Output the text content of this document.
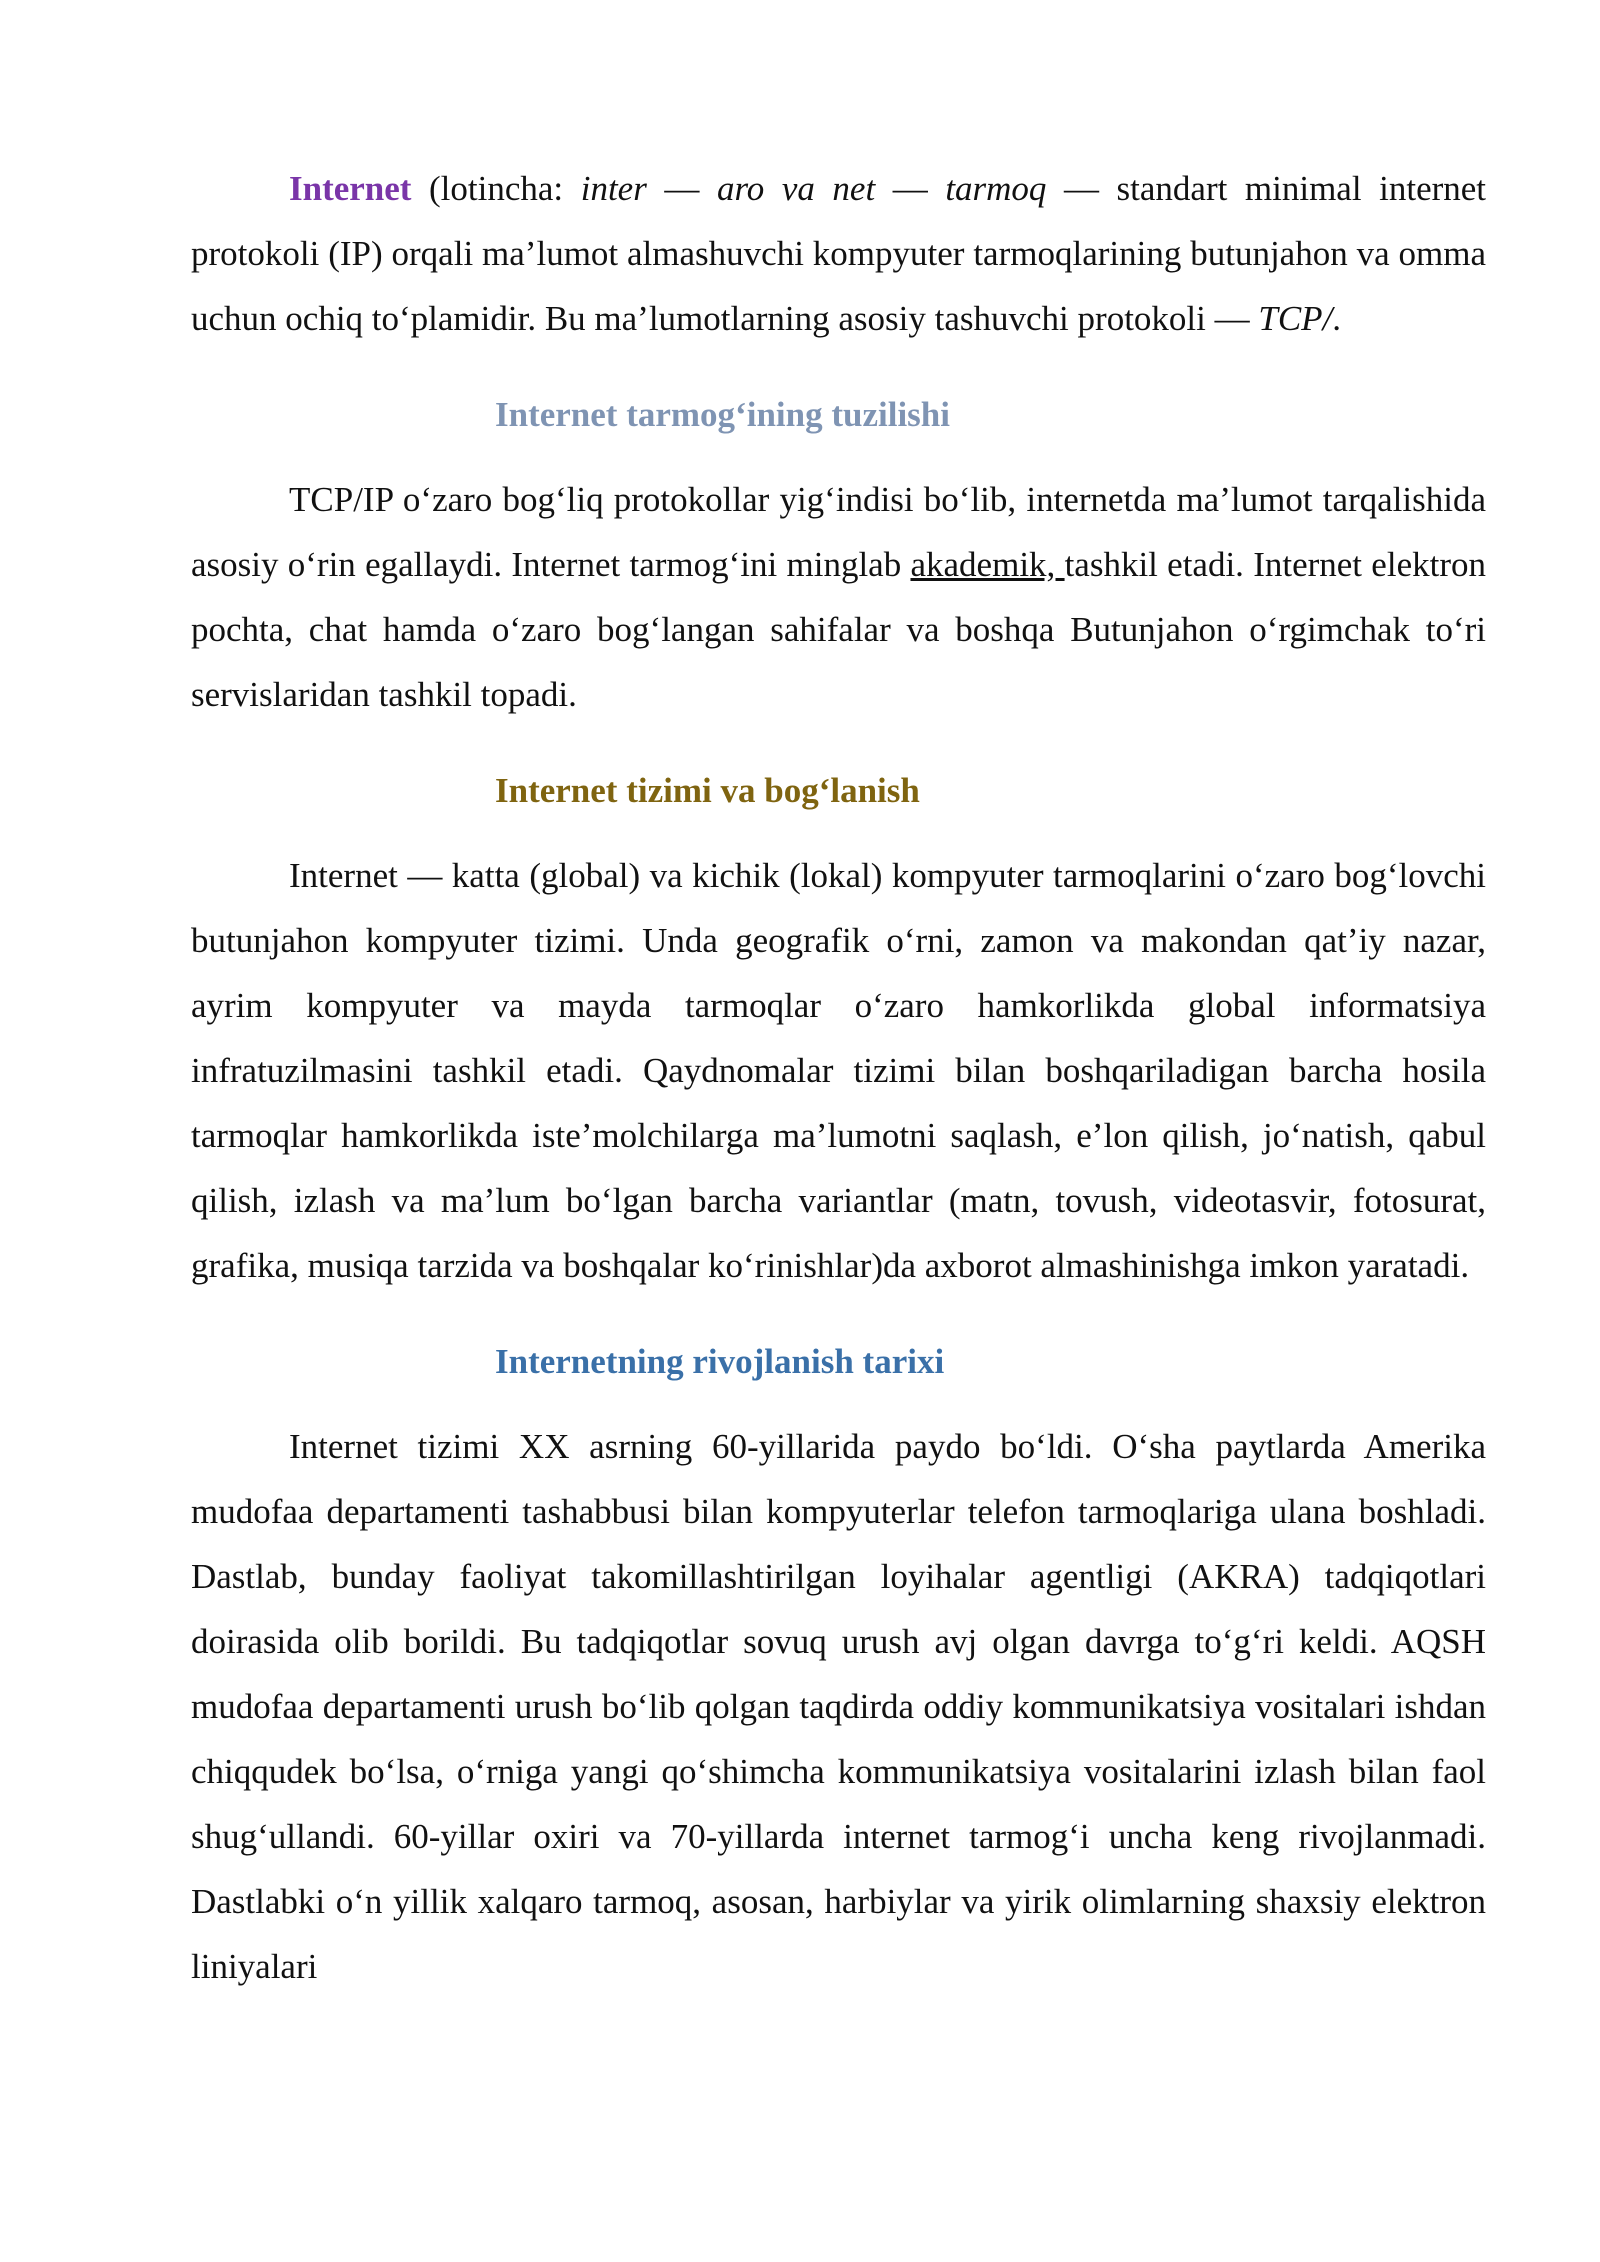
Internet (lotincha: inter — aro va net — tarmoq — standart minimal internet protokoli (IP) orqali ma’lumot almashuvchi kompyuter tarmoqlarining butunjahon va omma uchun ochiq to‘plamidir. Bu ma’lumotlarning asosiy tashuvchi protokoli — TCP/.

Internet tarmog‘ining tuzilishi

TCP/IP o‘zaro bog‘liq protokollar yig‘indisi bo‘lib, internetda ma’lumot tarqalishida asosiy o‘rin egallaydi. Internet tarmog‘ini minglab akademik, tashkil etadi. Internet elektron pochta, chat hamda o‘zaro bog‘langan sahifalar va boshqa Butunjahon o‘rgimchak to‘ri servislaridan tashkil topadi.

Internet tizimi va bog‘lanish

Internet — katta (global) va kichik (lokal) kompyuter tarmoqlarini o‘zaro bog‘lovchi butunjahon kompyuter tizimi. Unda geografik o‘rni, zamon va makondan qat’iy nazar, ayrim kompyuter va mayda tarmoqlar o‘zaro hamkorlikda global informatsiya infratuzilmasini tashkil etadi. Qaydnomalar tizimi bilan boshqariladigan barcha hosila tarmoqlar hamkorlikda iste’molchilarga ma’lumotni saqlash, e’lon qilish, jo‘natish, qabul qilish, izlash va ma’lum bo‘lgan barcha variantlar (matn, tovush, videotasvir, fotosurat, grafika, musiqa tarzida va boshqalar ko‘rinishlar)da axborot almashinishga imkon yaratadi.

Internetning rivojlanish tarixi

Internet tizimi XX asrning 60-yillarida paydo bo‘ldi. O‘sha paytlarda Amerika mudofaa departamenti tashabbusi bilan kompyuterlar telefon tarmoqlariga ulana boshladi. Dastlab, bunday faoliyat takomillashtirilgan loyihalar agentligi (AKRA) tadqiqotlari doirasida olib borildi. Bu tadqiqotlar sovuq urush avj olgan davrga to‘g‘ri keldi. AQSH mudofaa departamenti urush bo‘lib qolgan taqdirda oddiy kommunikatsiya vositalari ishdan chiqqudek bo‘lsa, o‘rniga yangi qo‘shimcha kommunikatsiya vositalarini izlash bilan faol shug‘ullandi. 60-yillar oxiri va 70-yillarda internet tarmog‘i uncha keng rivojlanmadi. Dastlabki o‘n yillik xalqaro tarmoq, asosan, harbiylar va yirik olimlarning shaxsiy elektron liniyalari
